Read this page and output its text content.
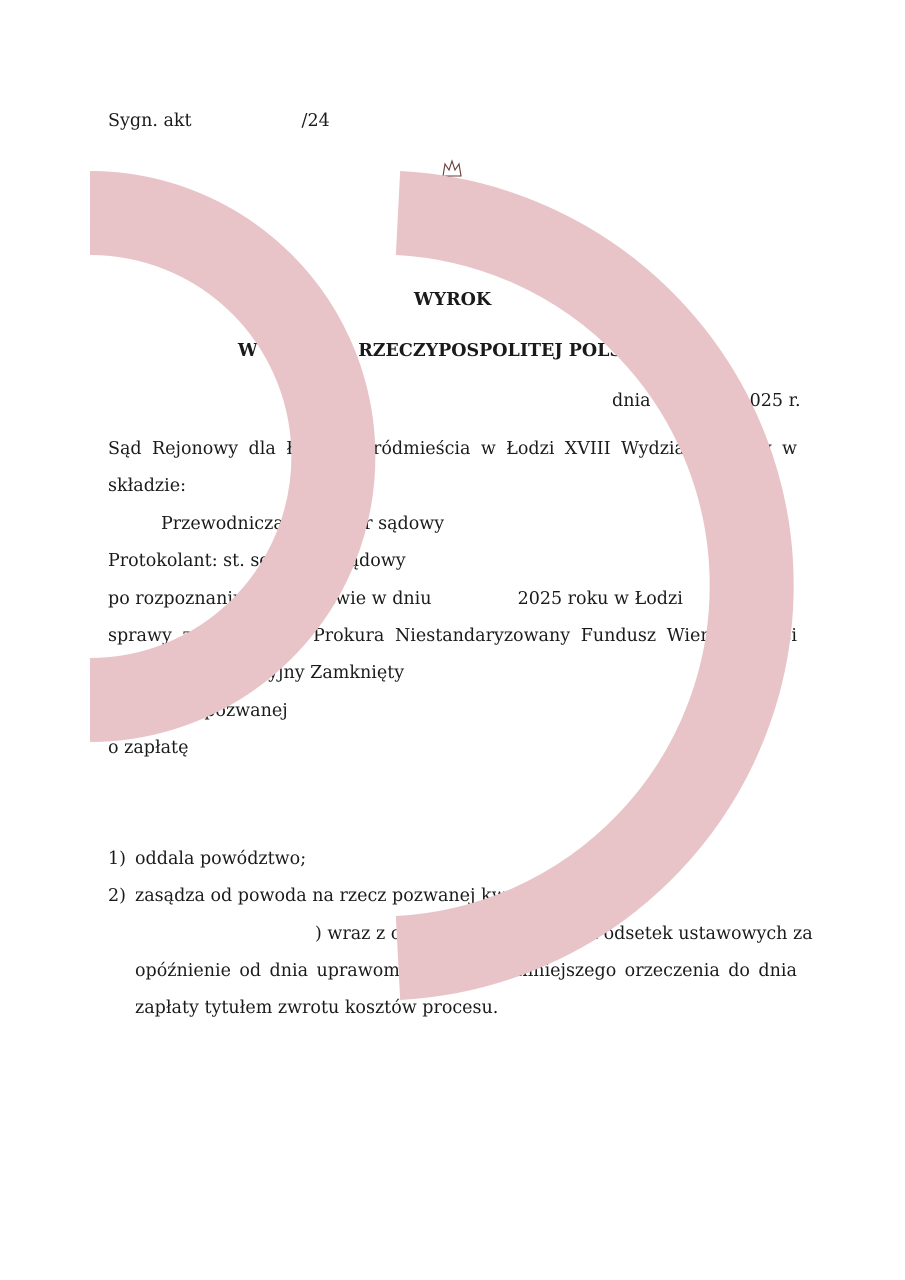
Sygn. akt	/24
WYROK
W IMIENIU RZECZYPOSPOLITEJ POLSKIEJ
dnia	2025 r.
Sąd Rejonowy dla Łodzi - Śródmieścia w Łodzi XVIII Wydział Cywilny w
składzie:
Przewodniczący: asesor sądowy
Protokolant: st. sekretarz sądowy
po rozpoznaniu na rozprawie w dniu	2025 roku w Łodzi
sprawy z powództwa Prokura Niestandaryzowany Fundusz Wierzytelności
Fundusz Inwestycyjny Zamknięty
przeciwko pozwanej
o zapłatę
1) oddala powództwo;
2) zasądza od powoda na rzecz pozwanej kwotę	zł (
) wraz z odsetkami w wysokości odsetek ustawowych za
opóźnienie od dnia uprawomocnienia się niniejszego orzeczenia do dnia
zapłaty tytułem zwrotu kosztów procesu.
